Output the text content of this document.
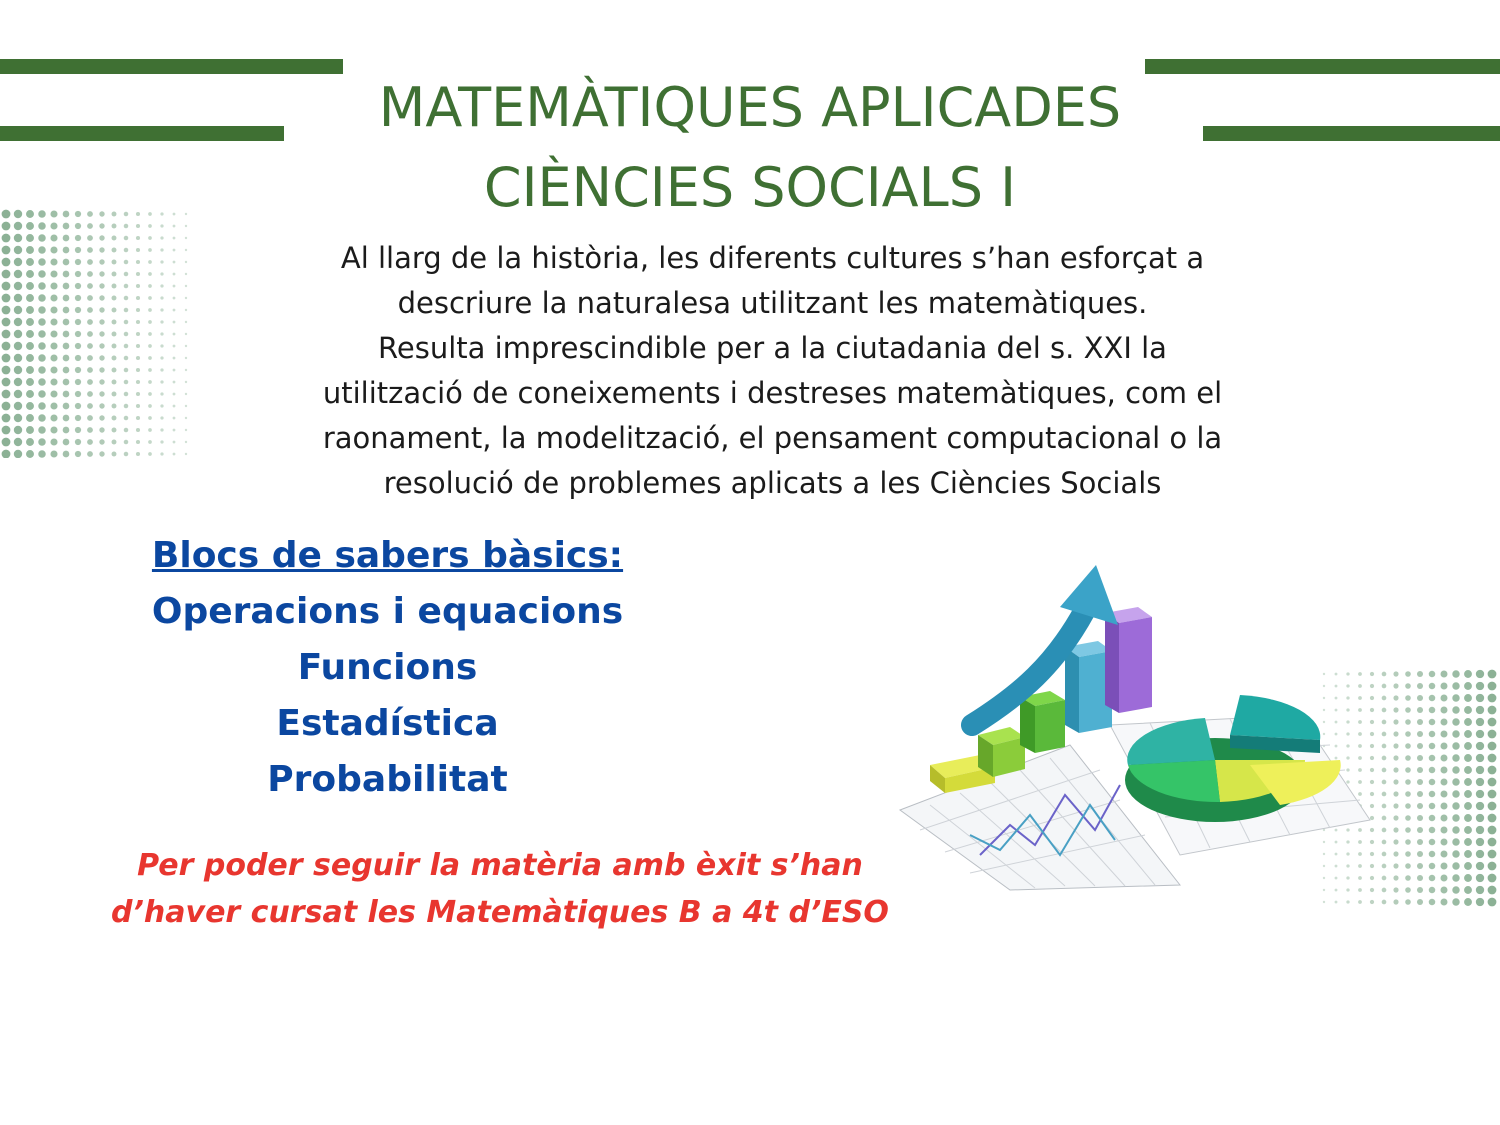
MATEMÀTIQUES APLICADES
CIÈNCIES SOCIALS I
Al llarg de la història, les diferents cultures s’han esforçat a
descriure la naturalesa utilitzant les matemàtiques.
Resulta imprescindible per a la ciutadania del s. XXI la
utilització de coneixements i destreses matemàtiques, com el
raonament, la modelització, el pensament computacional o la
resolució de problemes aplicats a les Ciències Socials
Blocs de sabers bàsics:
Operacions i equacions
Funcions
Estadística
Probabilitat
Per poder seguir la matèria amb èxit s’han
d’haver cursat les Matemàtiques B a 4t d’ESO
